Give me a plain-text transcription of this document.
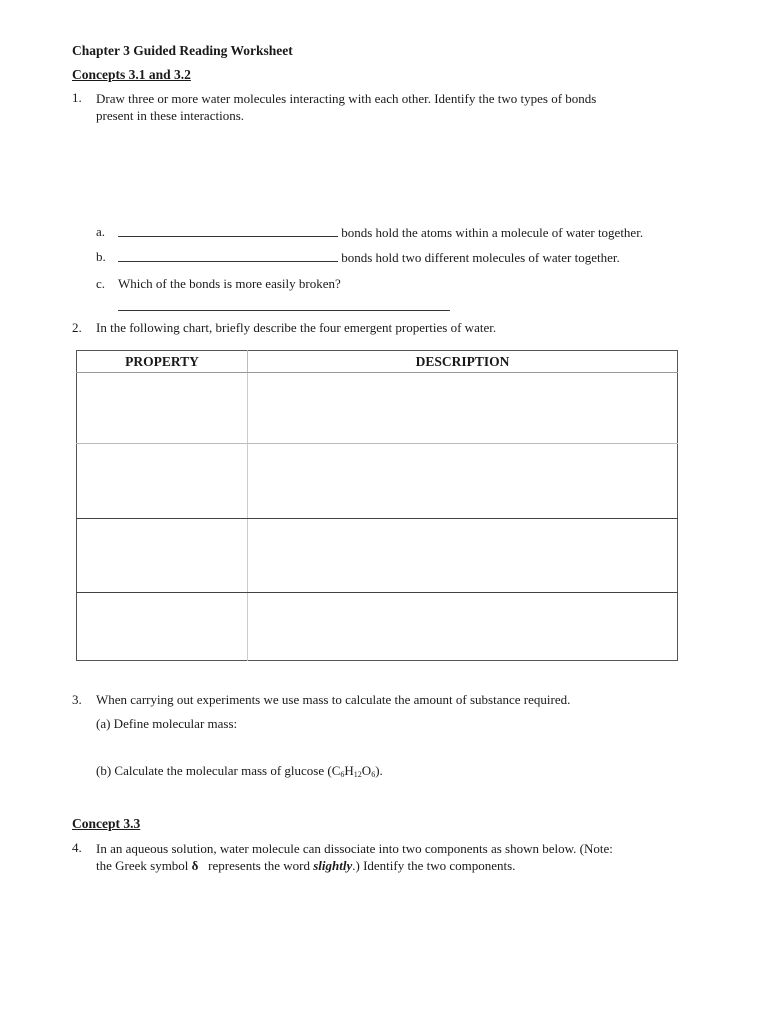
Chapter 3 Guided Reading Worksheet
Concepts 3.1 and 3.2
1. Draw three or more water molecules interacting with each other. Identify the two types of bonds
present in these interactions.
a.	bonds hold the atoms within a molecule of water together.
b.	bonds hold two different molecules of water together.
c. Which of the bonds is more easily broken?
2. In the following chart, briefly describe the four emergent properties of water.
PROPERTY	DESCRIPTION

3. When carrying out experiments we use mass to calculate the amount of substance required.
(a) Define molecular mass:
(b) Calculate the molecular mass of glucose $(C_6H_{12}O_6)$.
Concept 3.3
4. In an aqueous solution, water molecule can dissociate into two components as shown below. (Note:
the Greek symbol δ   represents the word slightly.) Identify the two components.
